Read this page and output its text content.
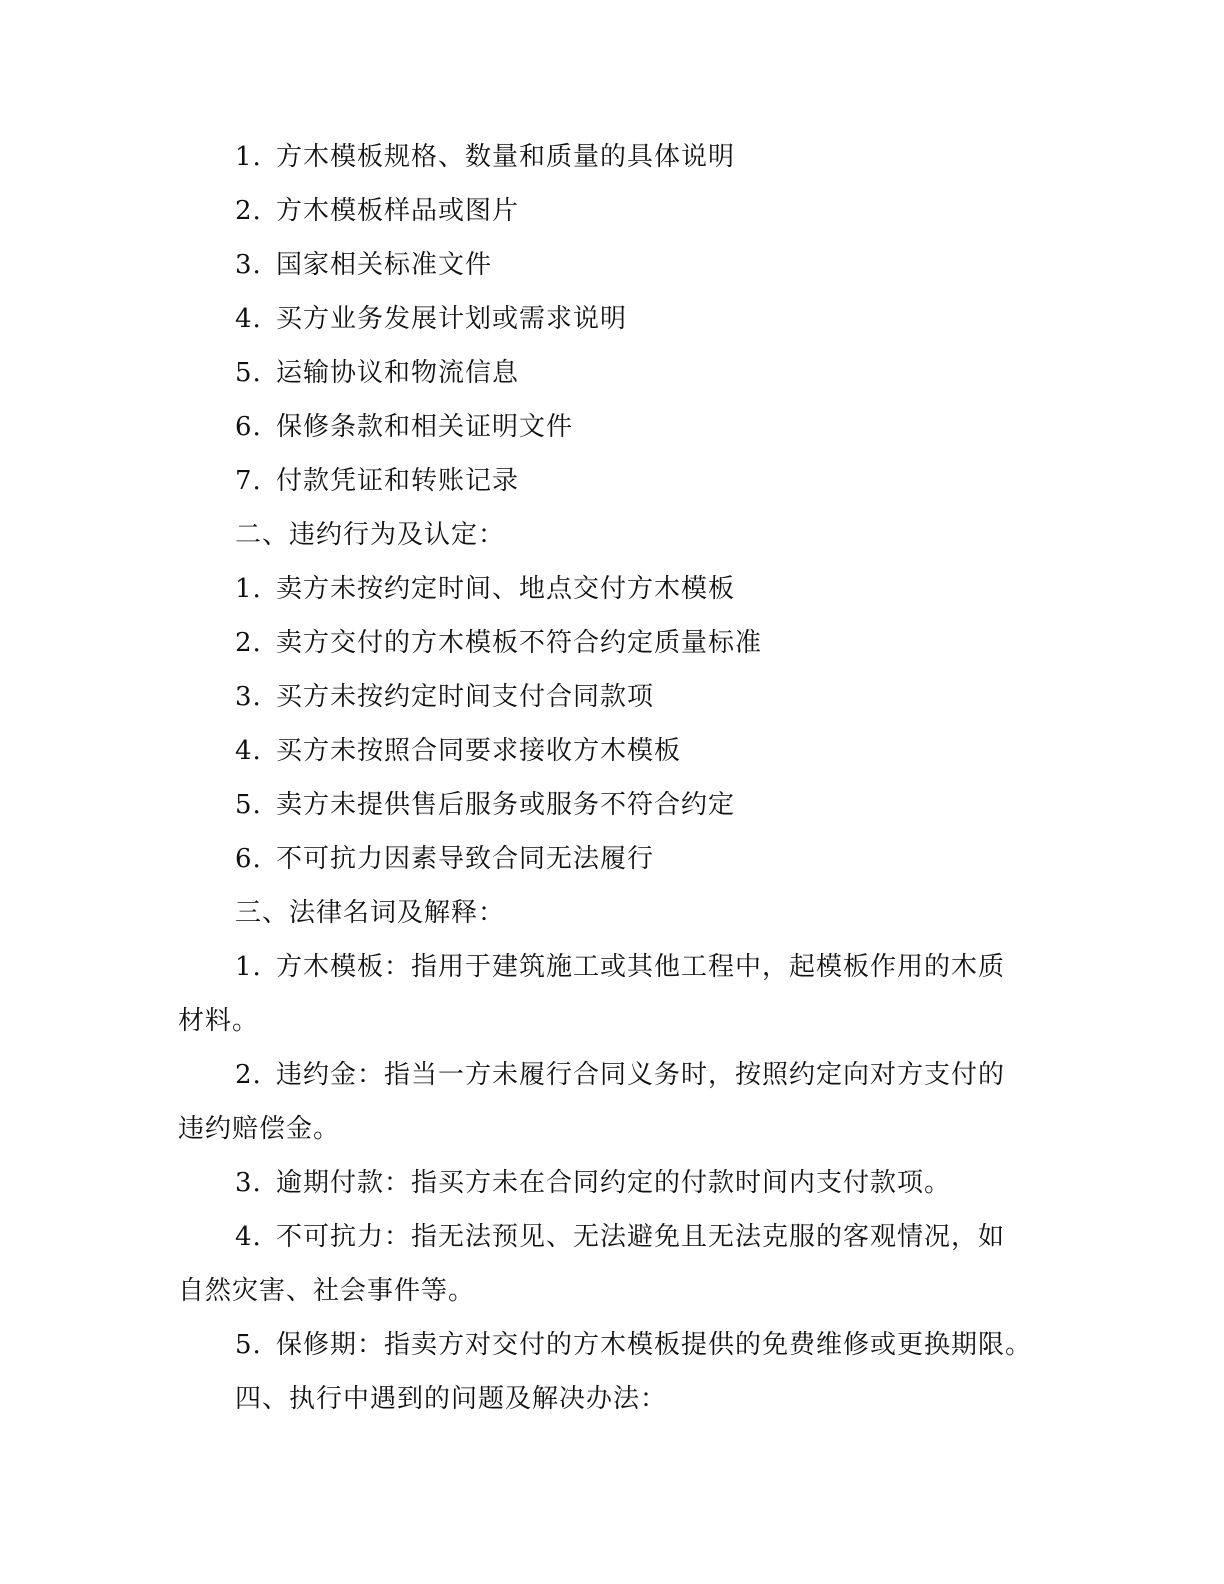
1. 方木模板规格、数量和质量的具体说明
2. 方木模板样品或图片
3. 国家相关标准文件
4. 买方业务发展计划或需求说明
5. 运输协议和物流信息
6. 保修条款和相关证明文件
7. 付款凭证和转账记录
二、违约行为及认定：
1. 卖方未按约定时间、地点交付方木模板
2. 卖方交付的方木模板不符合约定质量标准
3. 买方未按约定时间支付合同款项
4. 买方未按照合同要求接收方木模板
5. 卖方未提供售后服务或服务不符合约定
6. 不可抗力因素导致合同无法履行
三、法律名词及解释：
1. 方木模板：指用于建筑施工或其他工程中，起模板作用的木质
材料。
2. 违约金：指当一方未履行合同义务时，按照约定向对方支付的
违约赔偿金。
3. 逾期付款：指买方未在合同约定的付款时间内支付款项。
4. 不可抗力：指无法预见、无法避免且无法克服的客观情况，如
自然灾害、社会事件等。
5. 保修期：指卖方对交付的方木模板提供的免费维修或更换期限。
四、执行中遇到的问题及解决办法：
